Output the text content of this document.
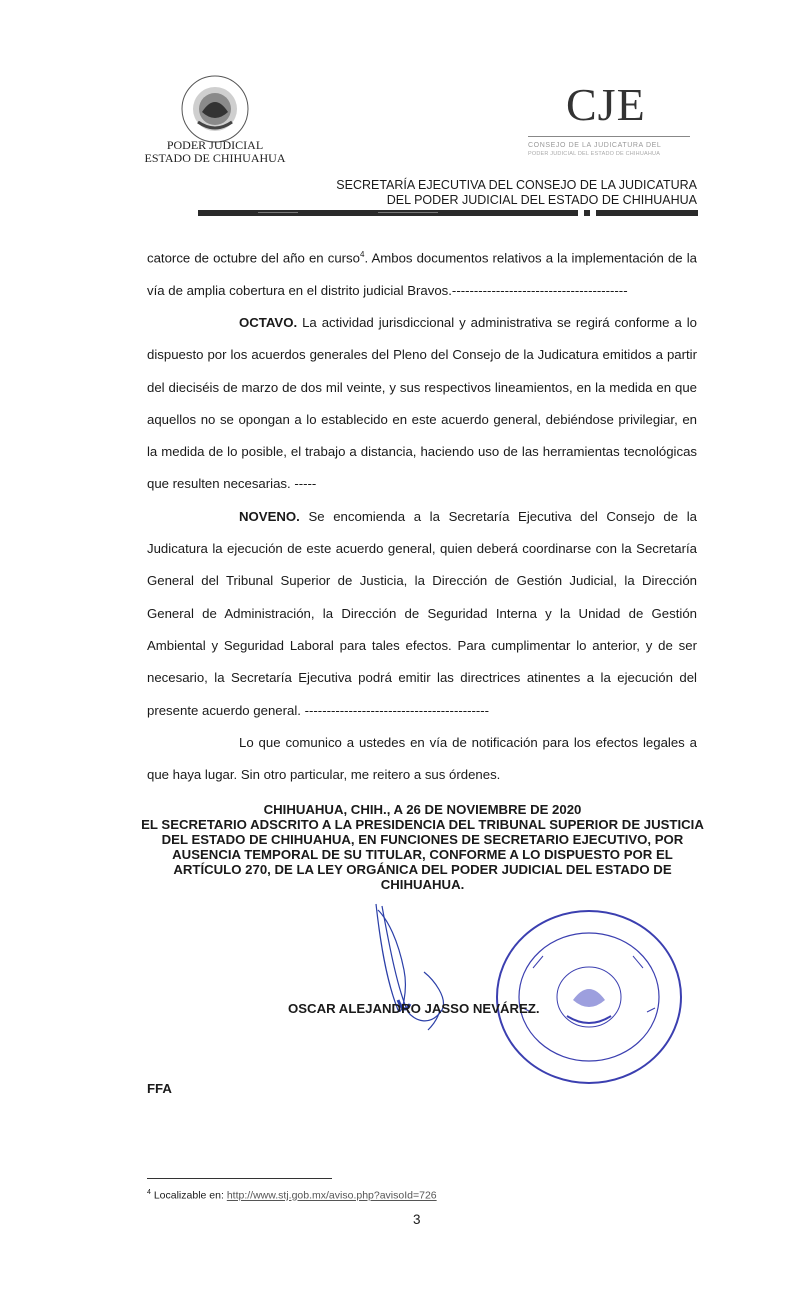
PODER JUDICIAL
ESTADO DE CHIHUAHUA
CJE
CONSEJO DE LA JUDICATURA DEL
PODER JUDICIAL DEL ESTADO DE CHIHUAHUA
SECRETARÍA EJECUTIVA DEL CONSEJO DE LA JUDICATURA
DEL PODER JUDICIAL DEL ESTADO DE CHIHUAHUA

catorce de octubre del año en curso$^4$. Ambos documentos relativos a la implementación de la vía de amplia cobertura en el distrito judicial Bravos.----------------------------------------

OCTAVO. La actividad jurisdiccional y administrativa se regirá conforme a lo dispuesto por los acuerdos generales del Pleno del Consejo de la Judicatura emitidos a partir del dieciséis de marzo de dos mil veinte, y sus respectivos lineamientos, en la medida en que aquellos no se opongan a lo establecido en este acuerdo general, debiéndose privilegiar, en la medida de lo posible, el trabajo a distancia, haciendo uso de las herramientas tecnológicas que resulten necesarias. -----

NOVENO. Se encomienda a la Secretaría Ejecutiva del Consejo de la Judicatura la ejecución de este acuerdo general, quien deberá coordinarse con la Secretaría General del Tribunal Superior de Justicia, la Dirección de Gestión Judicial, la Dirección General de Administración, la Dirección de Seguridad Interna y la Unidad de Gestión Ambiental y Seguridad Laboral para tales efectos. Para cumplimentar lo anterior, y de ser necesario, la Secretaría Ejecutiva podrá emitir las directrices atinentes a la ejecución del presente acuerdo general. ------------------------------------------

Lo que comunico a ustedes en vía de notificación para los efectos legales a que haya lugar. Sin otro particular, me reitero a sus órdenes.

CHIHUAHUA, CHIH., A 26 DE NOVIEMBRE DE 2020
EL SECRETARIO ADSCRITO A LA PRESIDENCIA DEL TRIBUNAL SUPERIOR DE JUSTICIA DEL ESTADO DE CHIHUAHUA, EN FUNCIONES DE SECRETARIO EJECUTIVO, POR AUSENCIA TEMPORAL DE SU TITULAR, CONFORME A LO DISPUESTO POR EL ARTÍCULO 270, DE LA LEY ORGÁNICA DEL PODER JUDICIAL DEL ESTADO DE CHIHUAHUA.
OSCAR ALEJANDRO JASSO NEVÁREZ.
FFA
$^4$ Localizable en: http://www.stj.gob.mx/aviso.php?avisoId=726
3
